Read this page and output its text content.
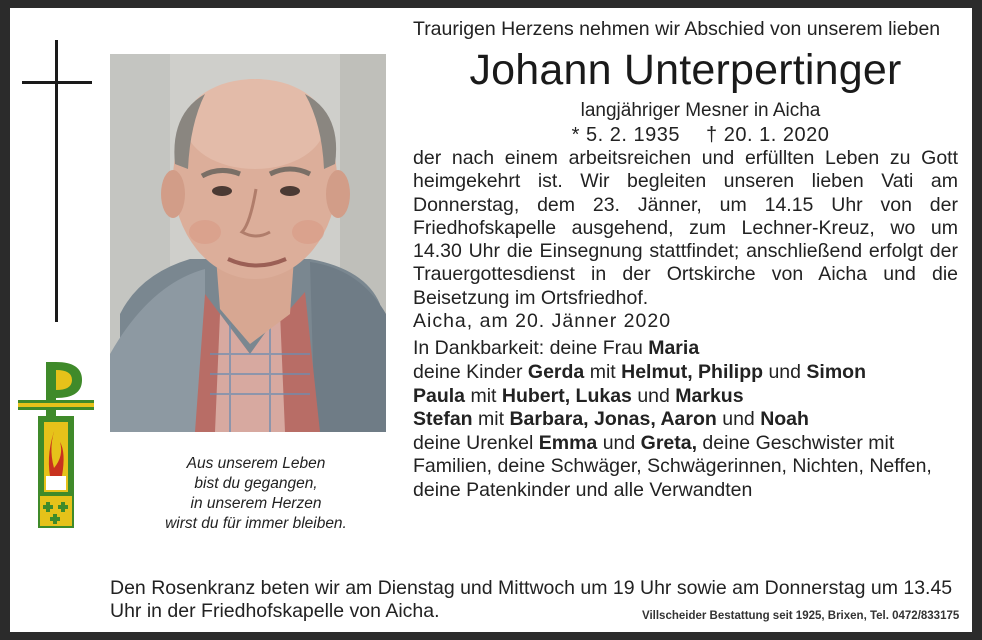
Aus unserem Leben
bist du gegangen,
in unserem Herzen
wirst du für immer bleiben.
Traurigen Herzens nehmen wir Abschied von unserem lieben
Johann Unterpertinger
langjähriger Mesner in Aicha
* 5. 2. 1935 † 20. 1. 2020
der nach einem arbeitsreichen und erfüllten Leben zu Gott heimgekehrt ist. Wir begleiten unseren lieben Vati am Donnerstag, dem 23. Jänner, um 14.15 Uhr von der Friedhofskapelle ausgehend, zum Lechner-Kreuz, wo um 14.30 Uhr die Einsegnung stattfindet; anschließend erfolgt der Trauergottesdienst in der Ortskirche von Aicha und die Beisetzung im Ortsfriedhof.
Aicha, am 20. Jänner 2020
In Dankbarkeit: deine Frau Maria
deine Kinder Gerda mit Helmut, Philipp und Simon
Paula mit Hubert, Lukas und Markus
Stefan mit Barbara, Jonas, Aaron und Noah
deine Urenkel Emma und Greta, deine Geschwister mit
Familien, deine Schwäger, Schwägerinnen, Nichten, Neffen, deine Patenkinder und alle Verwandten
Den Rosenkranz beten wir am Dienstag und Mittwoch um 19 Uhr sowie am Donnerstag um 13.45 Uhr in der Friedhofskapelle von Aicha.	Villscheider Bestattung seit 1925, Brixen, Tel. 0472/833175
